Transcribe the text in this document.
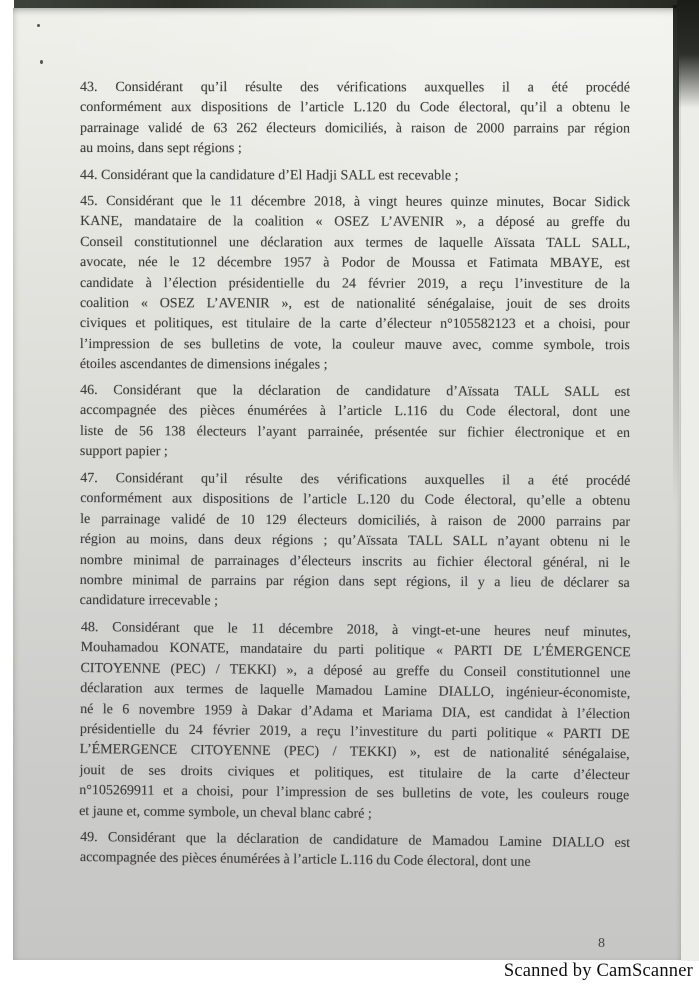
43. Considérant qu’il résulte des vérifications auxquelles il a été procédé
conformément aux dispositions de l’article L.120 du Code électoral, qu’il a obtenu le
parrainage validé de 63 262 électeurs domiciliés, à raison de 2000 parrains par région
au moins, dans sept régions ;
44. Considérant que la candidature d’El Hadji SALL est recevable ;
45. Considérant que le 11 décembre 2018, à vingt heures quinze minutes, Bocar Sidick
KANE, mandataire de la coalition « OSEZ L’AVENIR », a déposé au greffe du
Conseil constitutionnel une déclaration aux termes de laquelle Aïssata TALL SALL,
avocate, née le 12 décembre 1957 à Podor de Moussa et Fatimata MBAYE, est
candidate à l’élection présidentielle du 24 février 2019, a reçu l’investiture de la
coalition « OSEZ L’AVENIR », est de nationalité sénégalaise, jouit de ses droits
civiques et politiques, est titulaire de la carte d’électeur n°105582123 et a choisi, pour
l’impression de ses bulletins de vote, la couleur mauve avec, comme symbole, trois
étoiles ascendantes de dimensions inégales ;
46. Considérant que la déclaration de candidature d’Aïssata TALL SALL est
accompagnée des pièces énumérées à l’article L.116 du Code électoral, dont une
liste de 56 138 électeurs l’ayant parrainée, présentée sur fichier électronique et en
support papier ;
47. Considérant qu’il résulte des vérifications auxquelles il a été procédé
conformément aux dispositions de l’article L.120 du Code électoral, qu’elle a obtenu
le parrainage validé de 10 129 électeurs domiciliés, à raison de 2000 parrains par
région au moins, dans deux régions ; qu’Aïssata TALL SALL n’ayant obtenu ni le
nombre minimal de parrainages d’électeurs inscrits au fichier électoral général, ni le
nombre minimal de parrains par région dans sept régions, il y a lieu de déclarer sa
candidature irrecevable ;
48. Considérant que le 11 décembre 2018, à vingt-et-une heures neuf minutes,
Mouhamadou KONATE, mandataire du parti politique « PARTI DE L’ÉMERGENCE
CITOYENNE (PEC) / TEKKI) », a déposé au greffe du Conseil constitutionnel une
déclaration aux termes de laquelle Mamadou Lamine DIALLO, ingénieur-économiste,
né le 6 novembre 1959 à Dakar d’Adama et Mariama DIA, est candidat à l’élection
présidentielle du 24 février 2019, a reçu l’investiture du parti politique « PARTI DE
L’ÉMERGENCE CITOYENNE (PEC) / TEKKI) », est de nationalité sénégalaise,
jouit de ses droits civiques et politiques, est titulaire de la carte d’électeur
n°105269911 et a choisi, pour l’impression de ses bulletins de vote, les couleurs rouge
et jaune et, comme symbole, un cheval blanc cabré ;
49. Considérant que la déclaration de candidature de Mamadou Lamine DIALLO est
accompagnée des pièces énumérées à l’article L.116 du Code électoral, dont une
8
Scanned by CamScanner
